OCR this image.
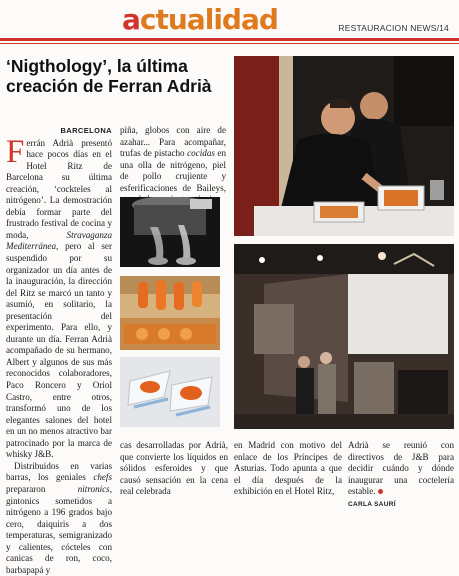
actualidad	RESTAURACION NEWS/14
‘Nigthology’, la última creación de Ferran Adrià
BARCELONA
F errán Adrià presentó hace pocos días en el Hotel Ritz de Barcelona su última creación, ‘cockteles al nitrógeno’. La demostración debía formar parte del frustrado festival de cocina y moda, Stravaganza Mediterránea, pero al ser suspendido por su organizador un día antes de la inauguración, la dirección del Ritz se marcó un tanto y asumió, en solitario, la presentación del experimento. Para ello, y durante un día. Ferran Adrià acompañado de su hermano, Albert y algunos de sus más reconocidos colaboradores, Paco Roncero y Oriol Castro, entre otros, transformó uno de los elegantes salones del hotel en un no menos atractivo bar patrocinado por la marca de whisky J&B.
Distribuidos en varias barras, los geniales chefs prepararon nitronics, gintonics sometidos a nitrógeno a 196 grados bajo cero, daiquiris a dos temperaturas, semigranizado y calientes, cócteles con canicas de ron, coco, barbapapá y
piña, globos con aire de azahar... Para acompañar, trufas de pistacho cocidas en una olla de nitrógeno, piel de pollo crujiente y esferificaciones de Baileys,
cas desarrolladas por Adrià, que convierte los líquidos en sólidos esferoides y que causó sensación en la cena real celebrada
en Madrid con motivo del enlace de los Príncipes de Asturias. Todo apunta a que el día después de la exhibición en el Hotel Ritz,
Adrià se reunió con directivos de J&B para decidir cuándo y dónde inaugurar una coctelería estable.
CARLA SAURÍ
